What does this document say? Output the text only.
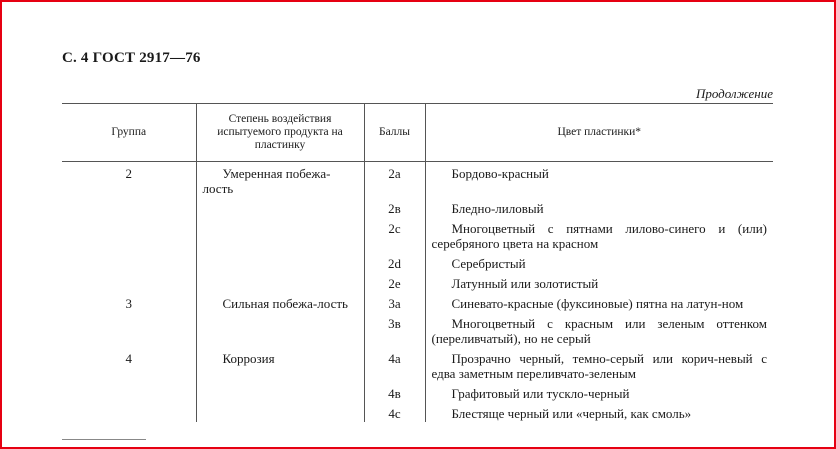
С. 4 ГОСТ 2917—76
Продолжение
Группа	Степень воздействия испытуемого продукта на пластинку	Баллы	Цвет пластинки*
2	Умеренная побежа-лость	2а	Бордово-красный
		2в	Бледно-лиловый
		2с	Многоцветный с пятнами лилово-синего и (или) серебряного цвета на красном
		2d	Серебристый
		2е	Латунный или золотистый
3	Сильная побежа-лость	3а	Синевато-красные (фуксиновые) пятна на латун-ном
		3в	Многоцветный с красным или зеленым оттенком (переливчатый), но не серый
4	Коррозия	4а	Прозрачно черный, темно-серый или корич-невый с едва заметным переливчато-зеленым
		4в	Графитовый или тускло-черный
		4с	Блестяще черный или «черный, как смоль»
